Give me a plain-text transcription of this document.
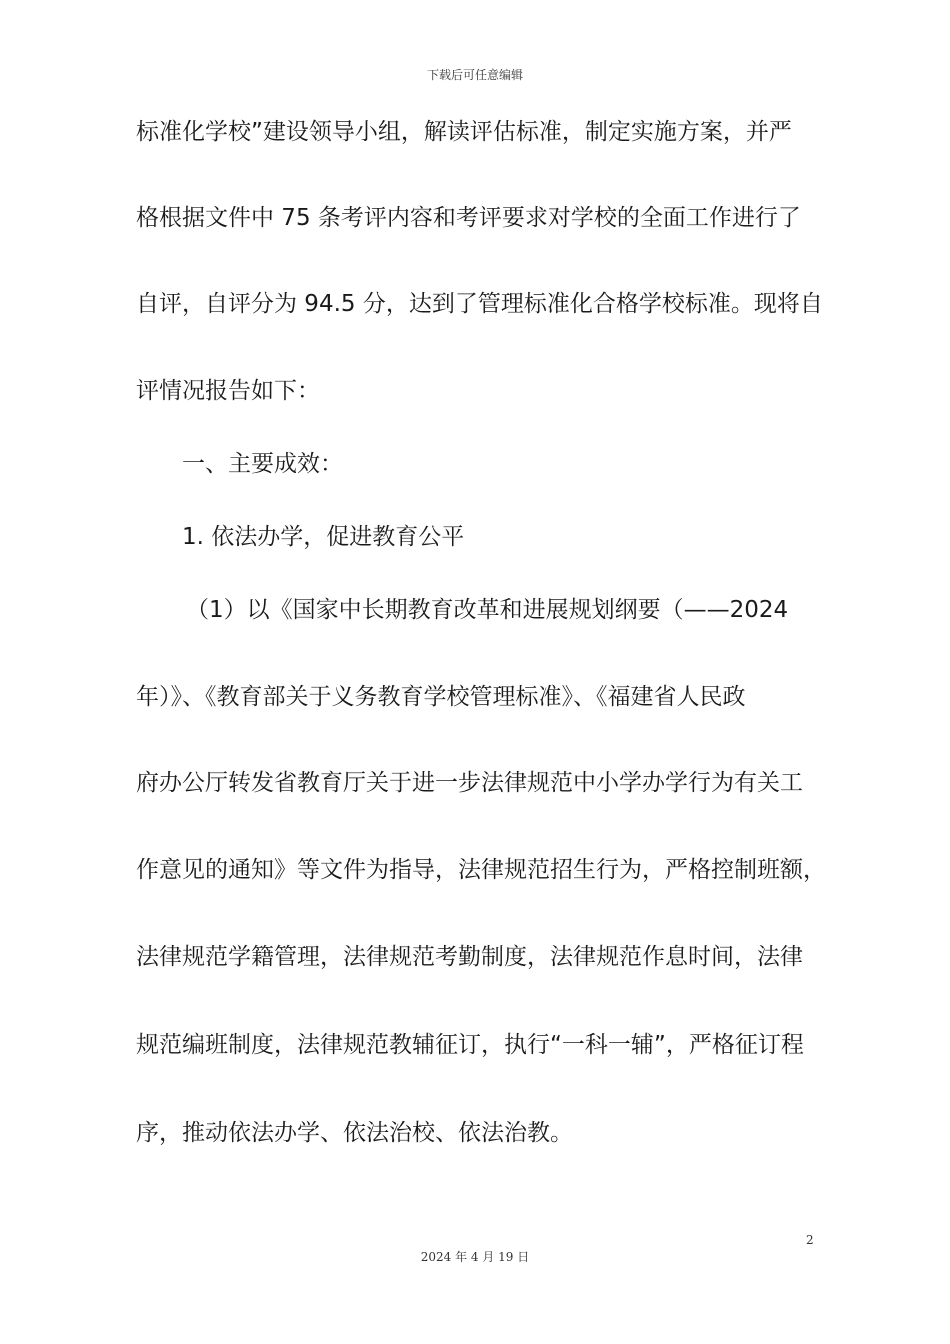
下载后可任意编辑
标准化学校”建设领导小组，解读评估标准，制定实施方案，并严
格根据文件中 75 条考评内容和考评要求对学校的全面工作进行了
自评，自评分为 94.5 分，达到了管理标准化合格学校标准。现将自
评情况报告如下：
一、主要成效：
1. 依法办学，促进教育公平
（1）以《国家中长期教育改革和进展规划纲要（——2024
年）》、《教育部关于义务教育学校管理标准》、《福建省人民政
府办公厅转发省教育厅关于进一步法律规范中小学办学行为有关工
作意见的通知》等文件为指导，法律规范招生行为，严格控制班额，
法律规范学籍管理，法律规范考勤制度，法律规范作息时间，法律
规范编班制度，法律规范教辅征订，执行“一科一辅”，严格征订程
序，推动依法办学、依法治校、依法治教。
2
2024 年 4 月 19 日
